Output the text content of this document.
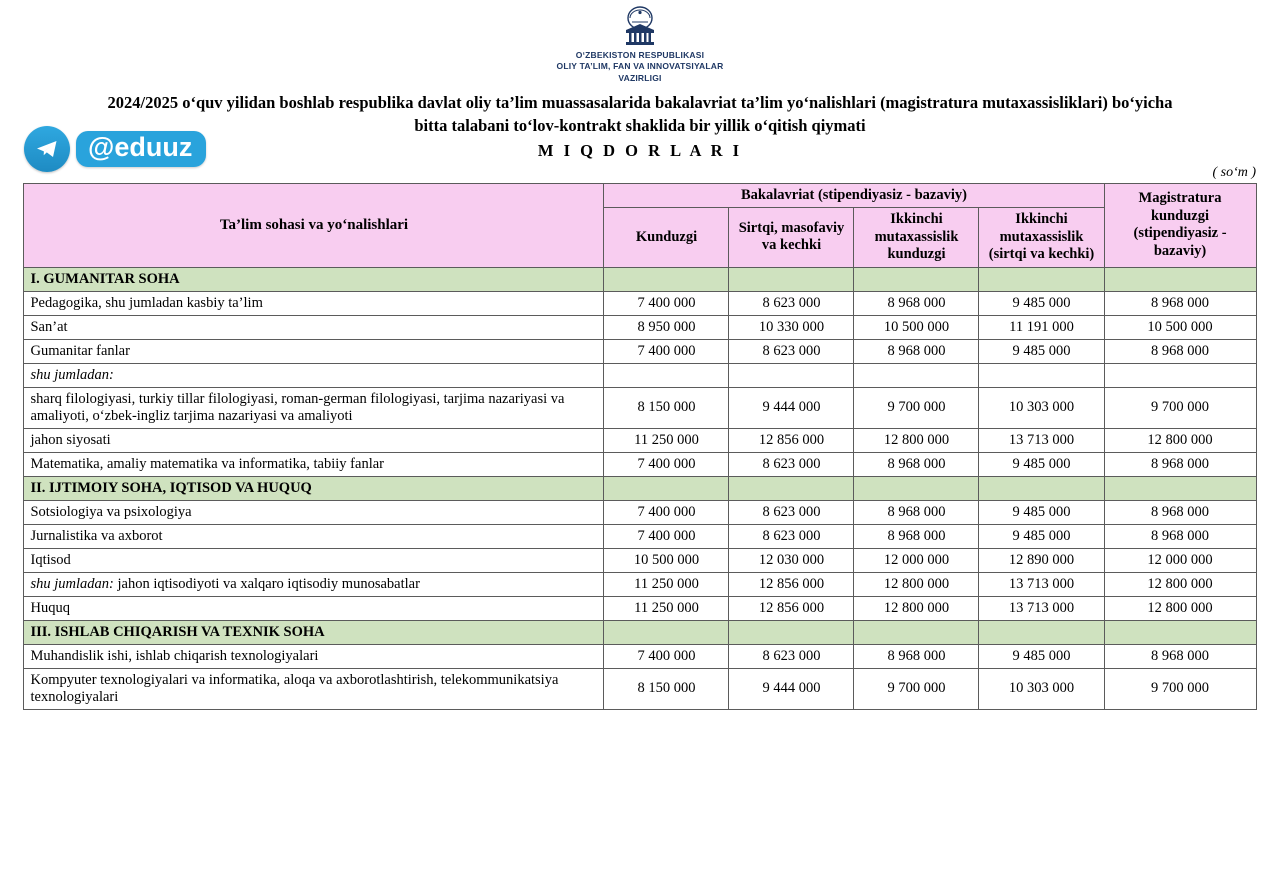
O‘ZBEKISTON RESPUBLIKASI
OLIY TA’LIM, FAN VA INNOVATSIYALAR
VAZIRLIGI
2024/2025 o‘quv yilidan boshlab respublika davlat oliy ta’lim muassasalarida bakalavriat ta’lim yo‘nalishlari (magistratura mutaxassisliklari) bo‘yicha bitta talabani to‘lov-kontrakt shaklida bir yillik o‘qitish qiymati
M I Q D O R L A R I
@eduuz
( so‘m )
Ta’lim sohasi va yo‘nalishlari	Bakalavriat (stipendiyasiz - bazaviy)				Magistratura kunduzgi (stipendiyasiz - bazaviy)
	Kunduzgi	Sirtqi, masofaviy va kechki	Ikkinchi mutaxassislik kunduzgi	Ikkinchi mutaxassislik (sirtqi va kechki)	
I. GUMANITAR SOHA					
Pedagogika, shu jumladan kasbiy ta’lim	7 400 000	8 623 000	8 968 000	9 485 000	8 968 000
San’at	8 950 000	10 330 000	10 500 000	11 191 000	10 500 000
Gumanitar fanlar	7 400 000	8 623 000	8 968 000	9 485 000	8 968 000
shu jumladan:					
sharq filologiyasi, turkiy tillar filologiyasi, roman-german filologiyasi, tarjima nazariyasi va amaliyoti, o‘zbek-ingliz tarjima nazariyasi va amaliyoti	8 150 000	9 444 000	9 700 000	10 303 000	9 700 000
jahon siyosati	11 250 000	12 856 000	12 800 000	13 713 000	12 800 000
Matematika, amaliy matematika va informatika, tabiiy fanlar	7 400 000	8 623 000	8 968 000	9 485 000	8 968 000
II. IJTIMOIY SOHA, IQTISOD VA HUQUQ					
Sotsiologiya va psixologiya	7 400 000	8 623 000	8 968 000	9 485 000	8 968 000
Jurnalistika va axborot	7 400 000	8 623 000	8 968 000	9 485 000	8 968 000
Iqtisod	10 500 000	12 030 000	12 000 000	12 890 000	12 000 000
shu jumladan: jahon iqtisodiyoti va xalqaro iqtisodiy munosabatlar	11 250 000	12 856 000	12 800 000	13 713 000	12 800 000
Huquq	11 250 000	12 856 000	12 800 000	13 713 000	12 800 000
III. ISHLAB CHIQARISH VA TEXNIK SOHA					
Muhandislik ishi, ishlab chiqarish texnologiyalari	7 400 000	8 623 000	8 968 000	9 485 000	8 968 000
Kompyuter texnologiyalari va informatika, aloqa va axborotlashtirish, telekommunikatsiya texnologiyalari	8 150 000	9 444 000	9 700 000	10 303 000	9 700 000
